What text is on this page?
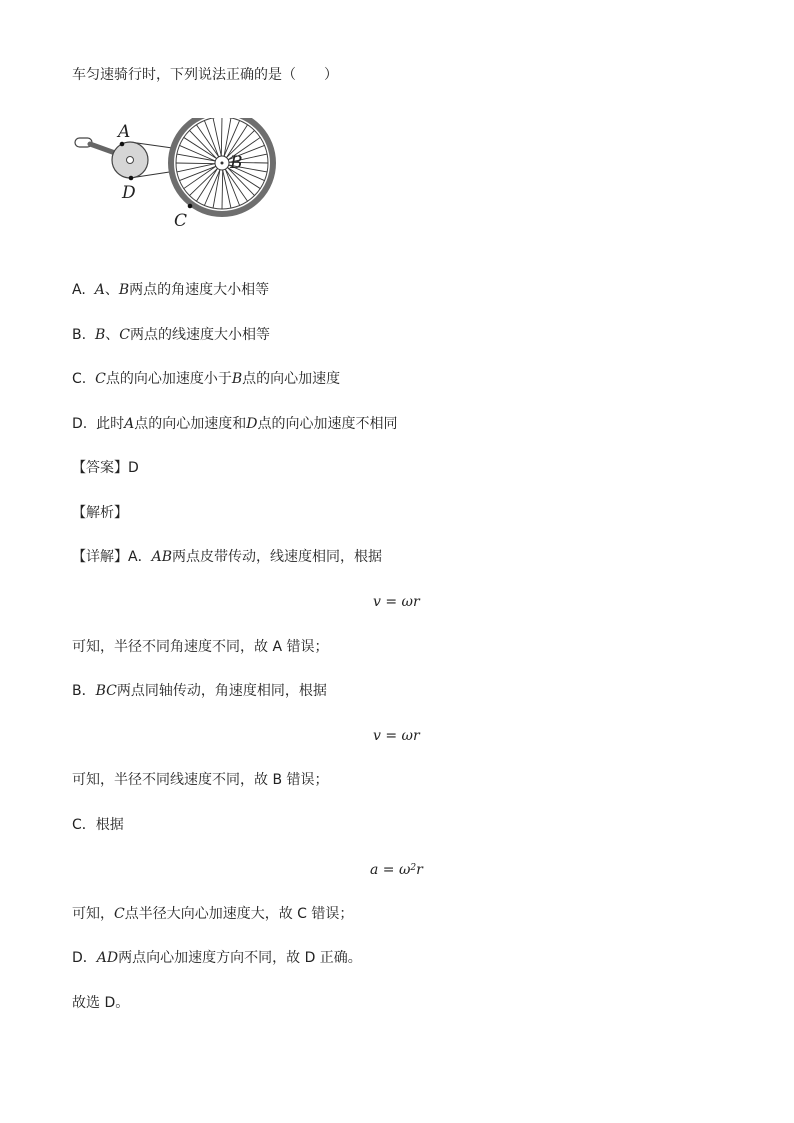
车匀速骑行时，下列说法正确的是（　　）
A
B
D
C
A. A、B两点的角速度大小相等
B. B、C两点的线速度大小相等
C. C点的向心加速度小于B点的向心加速度
D. 此时A点的向心加速度和D点的向心加速度不相同
【答案】D
【解析】
【详解】A．AB两点皮带传动，线速度相同，根据
v = ωr
可知，半径不同角速度不同，故 A 错误；
B．BC两点同轴传动，角速度相同，根据
v = ωr
可知，半径不同线速度不同，故 B 错误；
C．根据
$a = \omega^2r$
可知，C点半径大向心加速度大，故 C 错误；
D．AD两点向心加速度方向不同，故 D 正确。
故选 D。
